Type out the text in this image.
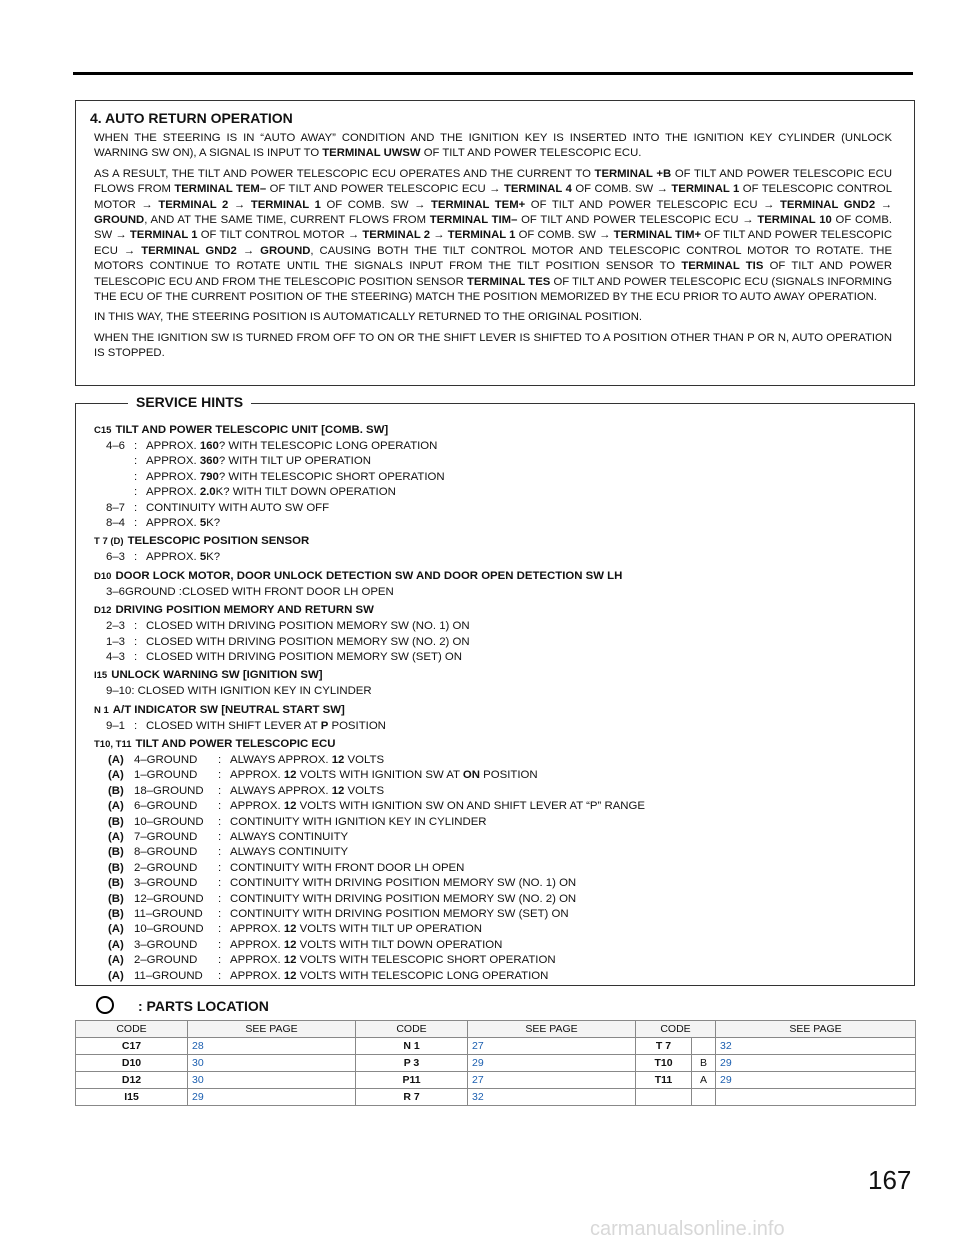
WHEN THE STEERING IS IN “AUTO AWAY” CONDITION AND THE IGNITION KEY IS INSERTED INTO THE IGNITION KEY CYLINDER (UNLOCK WARNING SW ON), A SIGNAL IS INPUT TO TERMINAL UWSW OF TILT AND POWER TELESCOPIC ECU.

AS A RESULT, THE TILT AND POWER TELESCOPIC ECU OPERATES AND THE CURRENT TO TERMINAL +B OF TILT AND POWER TELESCOPIC ECU FLOWS FROM TERMINAL TEM– OF TILT AND POWER TELESCOPIC ECU → TERMINAL 4 OF COMB. SW → TERMINAL 1 OF TELESCOPIC CONTROL MOTOR → TERMINAL 2 → TERMINAL 1 OF COMB. SW → TERMINAL TEM+ OF TILT AND POWER TELESCOPIC ECU → TERMINAL GND2 → GROUND, AND AT THE SAME TIME, CURRENT FLOWS FROM TERMINAL TIM– OF TILT AND POWER TELESCOPIC ECU → TERMINAL 10 OF COMB. SW → TERMINAL 1 OF TILT CONTROL MOTOR → TERMINAL 2 → TERMINAL 1 OF COMB. SW → TERMINAL TIM+ OF TILT AND POWER TELESCOPIC ECU → TERMINAL GND2 → GROUND, CAUSING BOTH THE TILT CONTROL MOTOR AND TELESCOPIC CONTROL MOTOR TO ROTATE. THE MOTORS CONTINUE TO ROTATE UNTIL THE SIGNALS INPUT FROM THE TILT POSITION SENSOR TO TERMINAL TIS OF TILT AND POWER TELESCOPIC ECU AND FROM THE TELESCOPIC POSITION SENSOR TERMINAL TES OF TILT AND POWER TELESCOPIC ECU (SIGNALS INFORMING THE ECU OF THE CURRENT POSITION OF THE STEERING) MATCH THE POSITION MEMORIZED BY THE ECU PRIOR TO AUTO AWAY OPERATION.

IN THIS WAY, THE STEERING POSITION IS AUTOMATICALLY RETURNED TO THE ORIGINAL POSITION.

WHEN THE IGNITION SW IS TURNED FROM OFF TO ON OR THE SHIFT LEVER IS SHIFTED TO A POSITION OTHER THAN P OR N, AUTO OPERATION IS STOPPED.

4. AUTO RETURN OPERATION
C15 TILT AND POWER TELESCOPIC UNIT [COMB. SW]
4–6 : APPROX. 160? WITH TELESCOPIC LONG OPERATION
: APPROX. 360? WITH TILT UP OPERATION
: APPROX. 790? WITH TELESCOPIC SHORT OPERATION
: APPROX. 2.0K? WITH TILT DOWN OPERATION
8–7 : CONTINUITY WITH AUTO SW OFF
8–4 : APPROX. 5K?
T 7 (D) TELESCOPIC POSITION SENSOR
6–3 : APPROX. 5K?
D10 DOOR LOCK MOTOR, DOOR UNLOCK DETECTION SW AND DOOR OPEN DETECTION SW LH
3–6GROUND :CLOSED WITH FRONT DOOR LH OPEN
D12 DRIVING POSITION MEMORY AND RETURN SW
2–3 : CLOSED WITH DRIVING POSITION MEMORY SW (NO. 1) ON
1–3 : CLOSED WITH DRIVING POSITION MEMORY SW (NO. 2) ON
4–3 : CLOSED WITH DRIVING POSITION MEMORY SW (SET) ON
I15 UNLOCK WARNING SW [IGNITION SW]
9–10: CLOSED WITH IGNITION KEY IN CYLINDER
N 1 A/T INDICATOR SW [NEUTRAL START SW]
9–1 : CLOSED WITH SHIFT LEVER AT P POSITION
T10, T11 TILT AND POWER TELESCOPIC ECU
(A) 4–GROUND : ALWAYS APPROX. 12 VOLTS
(A) 1–GROUND : APPROX. 12 VOLTS WITH IGNITION SW AT ON POSITION
(B) 18–GROUND : ALWAYS APPROX. 12 VOLTS
(A) 6–GROUND : APPROX. 12 VOLTS WITH IGNITION SW ON AND SHIFT LEVER AT “P” RANGE
(B) 10–GROUND : CONTINUITY WITH IGNITION KEY IN CYLINDER
(A) 7–GROUND : ALWAYS CONTINUITY
(B) 8–GROUND : ALWAYS CONTINUITY
(B) 2–GROUND : CONTINUITY WITH FRONT DOOR LH OPEN
(B) 3–GROUND : CONTINUITY WITH DRIVING POSITION MEMORY SW (NO. 1) ON
(B) 12–GROUND : CONTINUITY WITH DRIVING POSITION MEMORY SW (NO. 2) ON
(B) 11–GROUND : CONTINUITY WITH DRIVING POSITION MEMORY SW (SET) ON
(A) 10–GROUND : APPROX. 12 VOLTS WITH TILT UP OPERATION
(A) 3–GROUND : APPROX. 12 VOLTS WITH TILT DOWN OPERATION
(A) 2–GROUND : APPROX. 12 VOLTS WITH TELESCOPIC SHORT OPERATION
(A) 11–GROUND : APPROX. 12 VOLTS WITH TELESCOPIC LONG OPERATION
SERVICE HINTS
: PARTS LOCATION
CODE	SEE PAGE	CODE	SEE PAGE	CODE		SEE PAGE
C17	28	N 1	27	T 7		32
D10	30	P 3	29	T10	B	29
D12	30	P11	27	T11	A	29
I15	29	R 7	32			
167
carmanualsonline.info
